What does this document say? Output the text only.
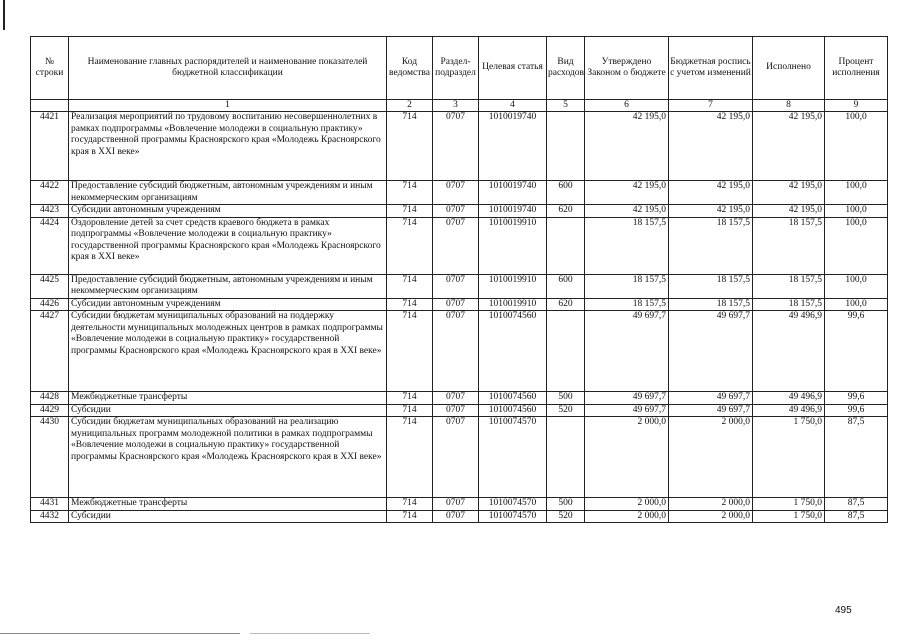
№ строки	Наименование главных распорядителей и наименование показателей бюджетной классификации	Код ведомства	Раздел-подраздел	Целевая статья	Вид расходов	Утверждено Законом о бюджете	Бюджетная роспись с учетом изменений	Исполнено	Процент исполнения
	1	2	3	4	5	6	7	8	9
4421	Реализация мероприятий по трудовому воспитанию несовершеннолетних в рамках подпрограммы «Вовлечение молодежи в социальную практику» государственной программы Красноярского края «Молодежь Красноярского края в XXI веке»	714	0707	1010019740		42 195,0	42 195,0	42 195,0	100,0
4422	Предоставление субсидий бюджетным, автономным учреждениям и иным некоммерческим организациям	714	0707	1010019740	600	42 195,0	42 195,0	42 195,0	100,0
4423	Субсидии автономным учреждениям	714	0707	1010019740	620	42 195,0	42 195,0	42 195,0	100,0
4424	Оздоровление детей за счет средств краевого бюджета в рамках подпрограммы «Вовлечение молодежи в социальную практику» государственной программы Красноярского края «Молодежь Красноярского края в XXI веке»	714	0707	1010019910		18 157,5	18 157,5	18 157,5	100,0
4425	Предоставление субсидий бюджетным, автономным учреждениям и иным некоммерческим организациям	714	0707	1010019910	600	18 157,5	18 157,5	18 157,5	100,0
4426	Субсидии автономным учреждениям	714	0707	1010019910	620	18 157,5	18 157,5	18 157,5	100,0
4427	Субсидии бюджетам муниципальных образований на поддержку деятельности муниципальных молодежных центров в рамках подпрограммы «Вовлечение молодежи в социальную практику» государственной программы Красноярского края «Молодежь Красноярского края в XXI веке»	714	0707	1010074560		49 697,7	49 697,7	49 496,9	99,6
4428	Межбюджетные трансферты	714	0707	1010074560	500	49 697,7	49 697,7	49 496,9	99,6
4429	Субсидии	714	0707	1010074560	520	49 697,7	49 697,7	49 496,9	99,6
4430	Субсидии бюджетам муниципальных образований на реализацию муниципальных программ молодежной политики в рамках подпрограммы «Вовлечение молодежи в социальную практику» государственной программы Красноярского края «Молодежь Красноярского края в XXI веке»	714	0707	1010074570		2 000,0	2 000,0	1 750,0	87,5
4431	Межбюджетные трансферты	714	0707	1010074570	500	2 000,0	2 000,0	1 750,0	87,5
4432	Субсидии	714	0707	1010074570	520	2 000,0	2 000,0	1 750,0	87,5
495
